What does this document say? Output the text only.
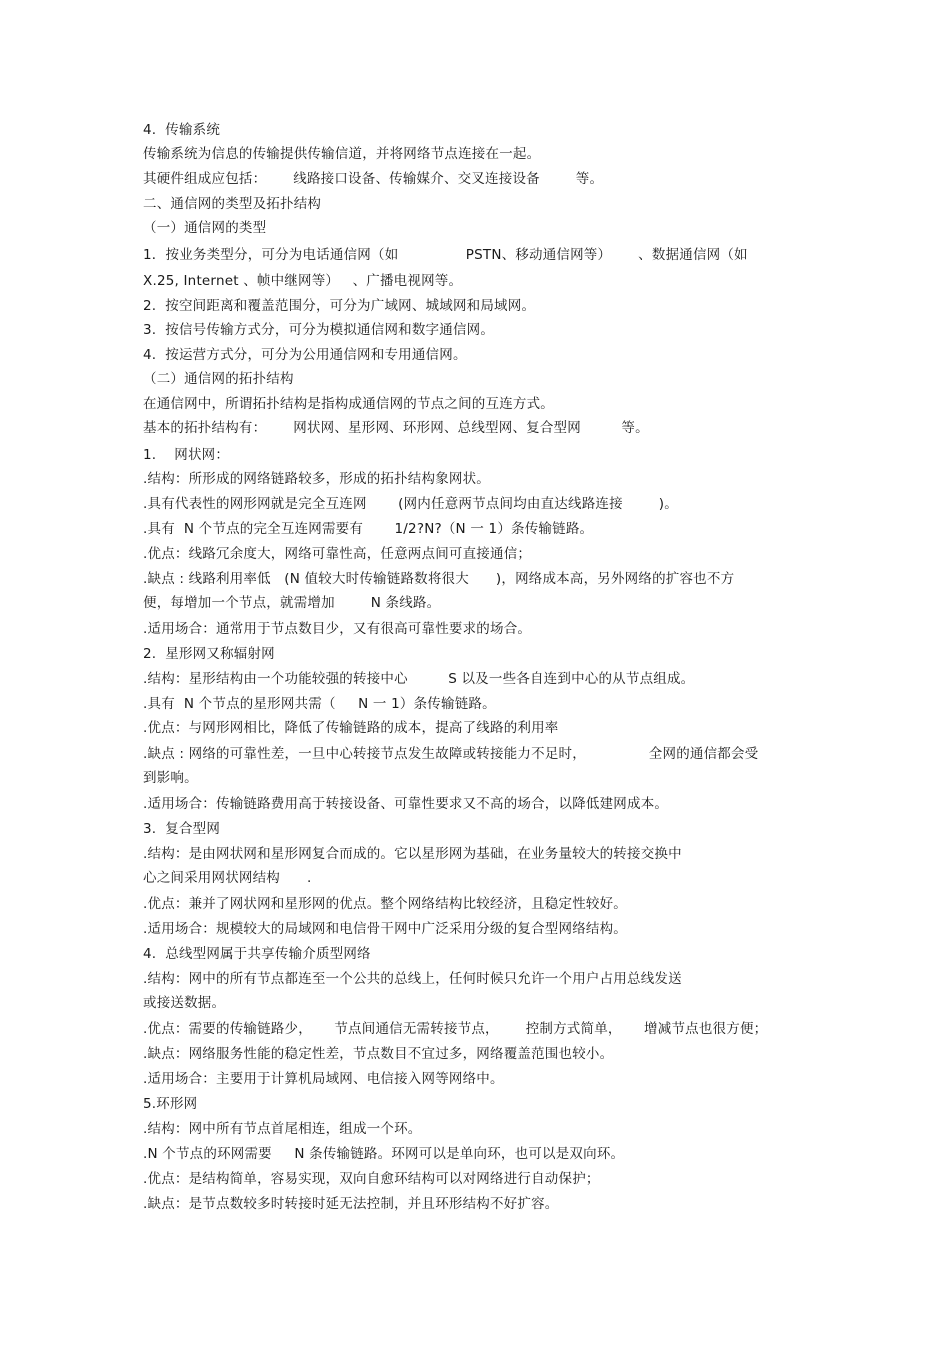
4.  传输系统
传输系统为信息的传输提供传输信道，并将网络节点连接在一起。
其硬件组成应包括：      线路接口设备、传输媒介、交叉连接设备        等。
二、通信网的类型及拓扑结构
（一）通信网的类型
1．按业务类型分，可分为电话通信网（如               PSTN、移动通信网等）      、数据通信网（如
X.25, Internet 、帧中继网等）   、广播电视网等。
2.  按空间距离和覆盖范围分，可分为广域网、城域网和局域网。
3.  按信号传输方式分，可分为模拟通信网和数字通信网。
4.  按运营方式分，可分为公用通信网和专用通信网。
（二）通信网的拓扑结构
在通信网中，所谓拓扑结构是指构成通信网的节点之间的互连方式。
基本的拓扑结构有：      网状网、星形网、环形网、总线型网、复合型网         等。
1.    网状网：
.结构：所形成的网络链路较多，形成的拓扑结构象网状。
.具有代表性的网形网就是完全互连网       (网内任意两节点间均由直达线路连接        )。
.具有  N 个节点的完全互连网需要有       1/2?N?（N 一 1）条传输链路。
.优点：线路冗余度大，网络可靠性高，任意两点间可直接通信；
.缺点 : 线路利用率低   (N 值较大时传输链路数将很大      )，网络成本高，另外网络的扩容也不方
便，每增加一个节点，就需增加        N 条线路。
.适用场合：通常用于节点数目少，又有很高可靠性要求的场合。
2.  星形网又称辐射网
.结构：星形结构由一个功能较强的转接中心         S 以及一些各自连到中心的从节点组成。
.具有  N 个节点的星形网共需（     N 一 1）条传输链路。
.优点：与网形网相比，降低了传输链路的成本，提高了线路的利用率
.缺点 : 网络的可靠性差，一旦中心转接节点发生故障或转接能力不足时，              全网的通信都会受
到影响。
.适用场合：传输链路费用高于转接设备、可靠性要求又不高的场合，以降低建网成本。
3.  复合型网
.结构：是由网状网和星形网复合而成的。它以星形网为基础，在业务量较大的转接交换中
心之间采用网状网结构      .
.优点：兼并了网状网和星形网的优点。整个网络结构比较经济，且稳定性较好。
.适用场合：规模较大的局域网和电信骨干网中广泛采用分级的复合型网络结构。
4.  总线型网属于共享传输介质型网络
.结构：网中的所有节点都连至一个公共的总线上，任何时候只允许一个用户占用总线发送
或接送数据。
.优点：需要的传输链路少，     节点间通信无需转接节点，      控制方式简单，     增减节点也很方便；
.缺点：网络服务性能的稳定性差，节点数目不宜过多，网络覆盖范围也较小。
.适用场合：主要用于计算机局域网、电信接入网等网络中。
5.环形网
.结构：网中所有节点首尾相连，组成一个环。
.N 个节点的环网需要     N 条传输链路。环网可以是单向环，也可以是双向环。
.优点：是结构简单，容易实现，双向自愈环结构可以对网络进行自动保护；
.缺点：是节点数较多时转接时延无法控制，并且环形结构不好扩容。
